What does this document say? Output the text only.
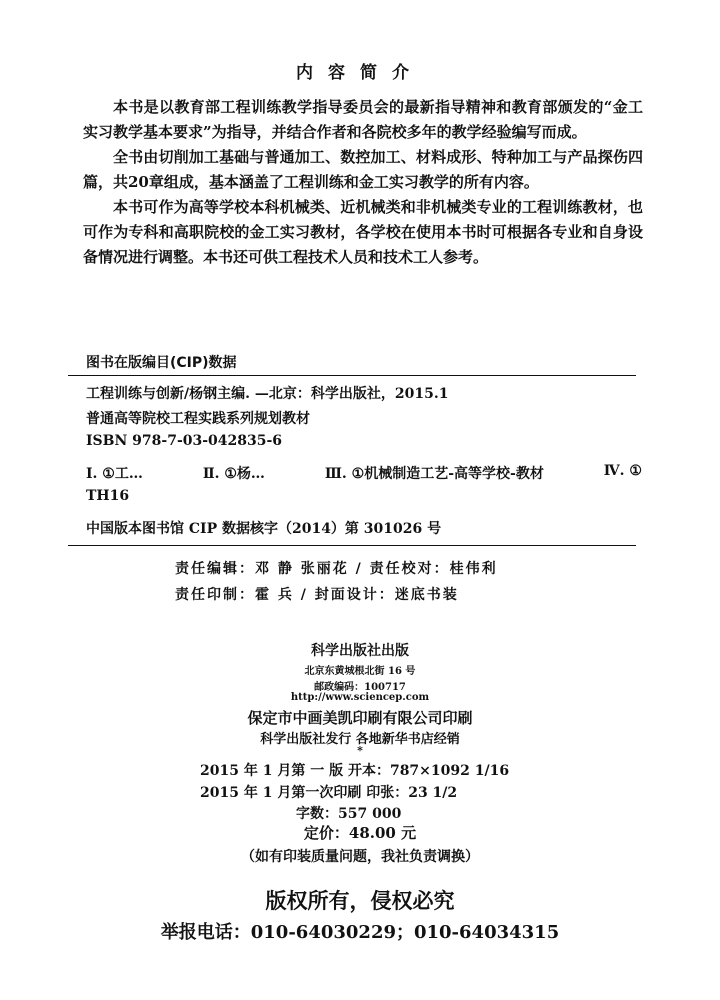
内容简介

本书是以教育部工程训练教学指导委员会的最新指导精神和教育部颁发的“金工实习教学基本要求”为指导，并结合作者和各院校多年的教学经验编写而成。

全书由切削加工基础与普通加工、数控加工、材料成形、特种加工与产品探伤四篇，共20章组成，基本涵盖了工程训练和金工实习教学的所有内容。

本书可作为高等学校本科机械类、近机械类和非机械类专业的工程训练教材，也可作为专科和高职院校的金工实习教材，各学校在使用本书时可根据各专业和自身设备情况进行调整。本书还可供工程技术人员和技术工人参考。

图书在版编目(CIP)数据
工程训练与创新/杨钢主编. —北京：科学出版社，2015.1
普通高等院校工程实践系列规划教材
ISBN 978-7-03-042835-6
Ⅰ. ①工…	Ⅱ. ①杨…	Ⅲ. ①机械制造工艺-高等学校-教材	Ⅳ. ①
TH16
中国版本图书馆 CIP 数据核字（2014）第 301026 号
责任编辑：邓 静 张丽花 / 责任校对：桂伟利
责任印制：霍 兵 / 封面设计：迷底书装
科学出版社出版
北京东黄城根北街 16 号
邮政编码：100717
http://www.sciencep.com
保定市中画美凯印刷有限公司印刷
科学出版社发行 各地新华书店经销
*
2015 年 1 月第 一 版 开本：787×1092 1/16
2015 年 1 月第一次印刷 印张：23 1/2
字数：557 000
定价：48.00 元
（如有印装质量问题，我社负责调换）
版权所有，侵权必究
举报电话：010-64030229；010-64034315
